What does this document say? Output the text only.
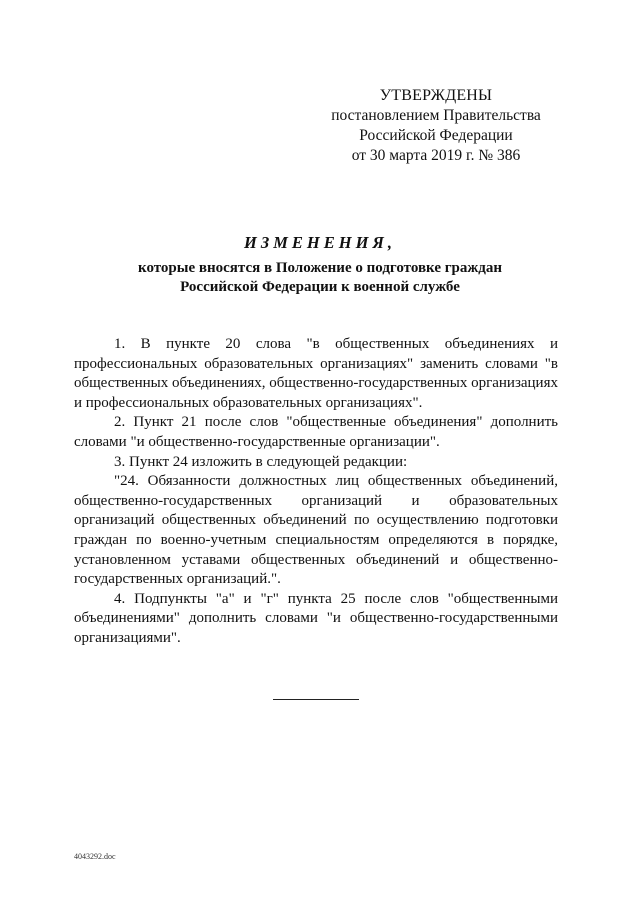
УТВЕРЖДЕНЫ
постановлением Правительства
Российской Федерации
от 30 марта 2019 г. № 386
ИЗМЕНЕНИЯ,
которые вносятся в Положение о подготовке граждан
Российской Федерации к военной службе

1. В пункте 20 слова "в общественных объединениях и профессиональных образовательных организациях" заменить словами "в общественных объединениях, общественно-государственных организациях и профессиональных образовательных организациях".

2. Пункт 21 после слов "общественные объединения" дополнить словами "и общественно-государственные организации".

3. Пункт 24 изложить в следующей редакции:

"24. Обязанности должностных лиц общественных объединений, общественно-государственных организаций и образовательных организаций общественных объединений по осуществлению подготовки граждан по военно-учетным специальностям определяются в порядке, установленном уставами общественных объединений и общественно-государственных организаций.".

4. Подпункты "а" и "г" пункта 25 после слов "общественными объединениями" дополнить словами "и общественно-государственными организациями".

4043292.doc
